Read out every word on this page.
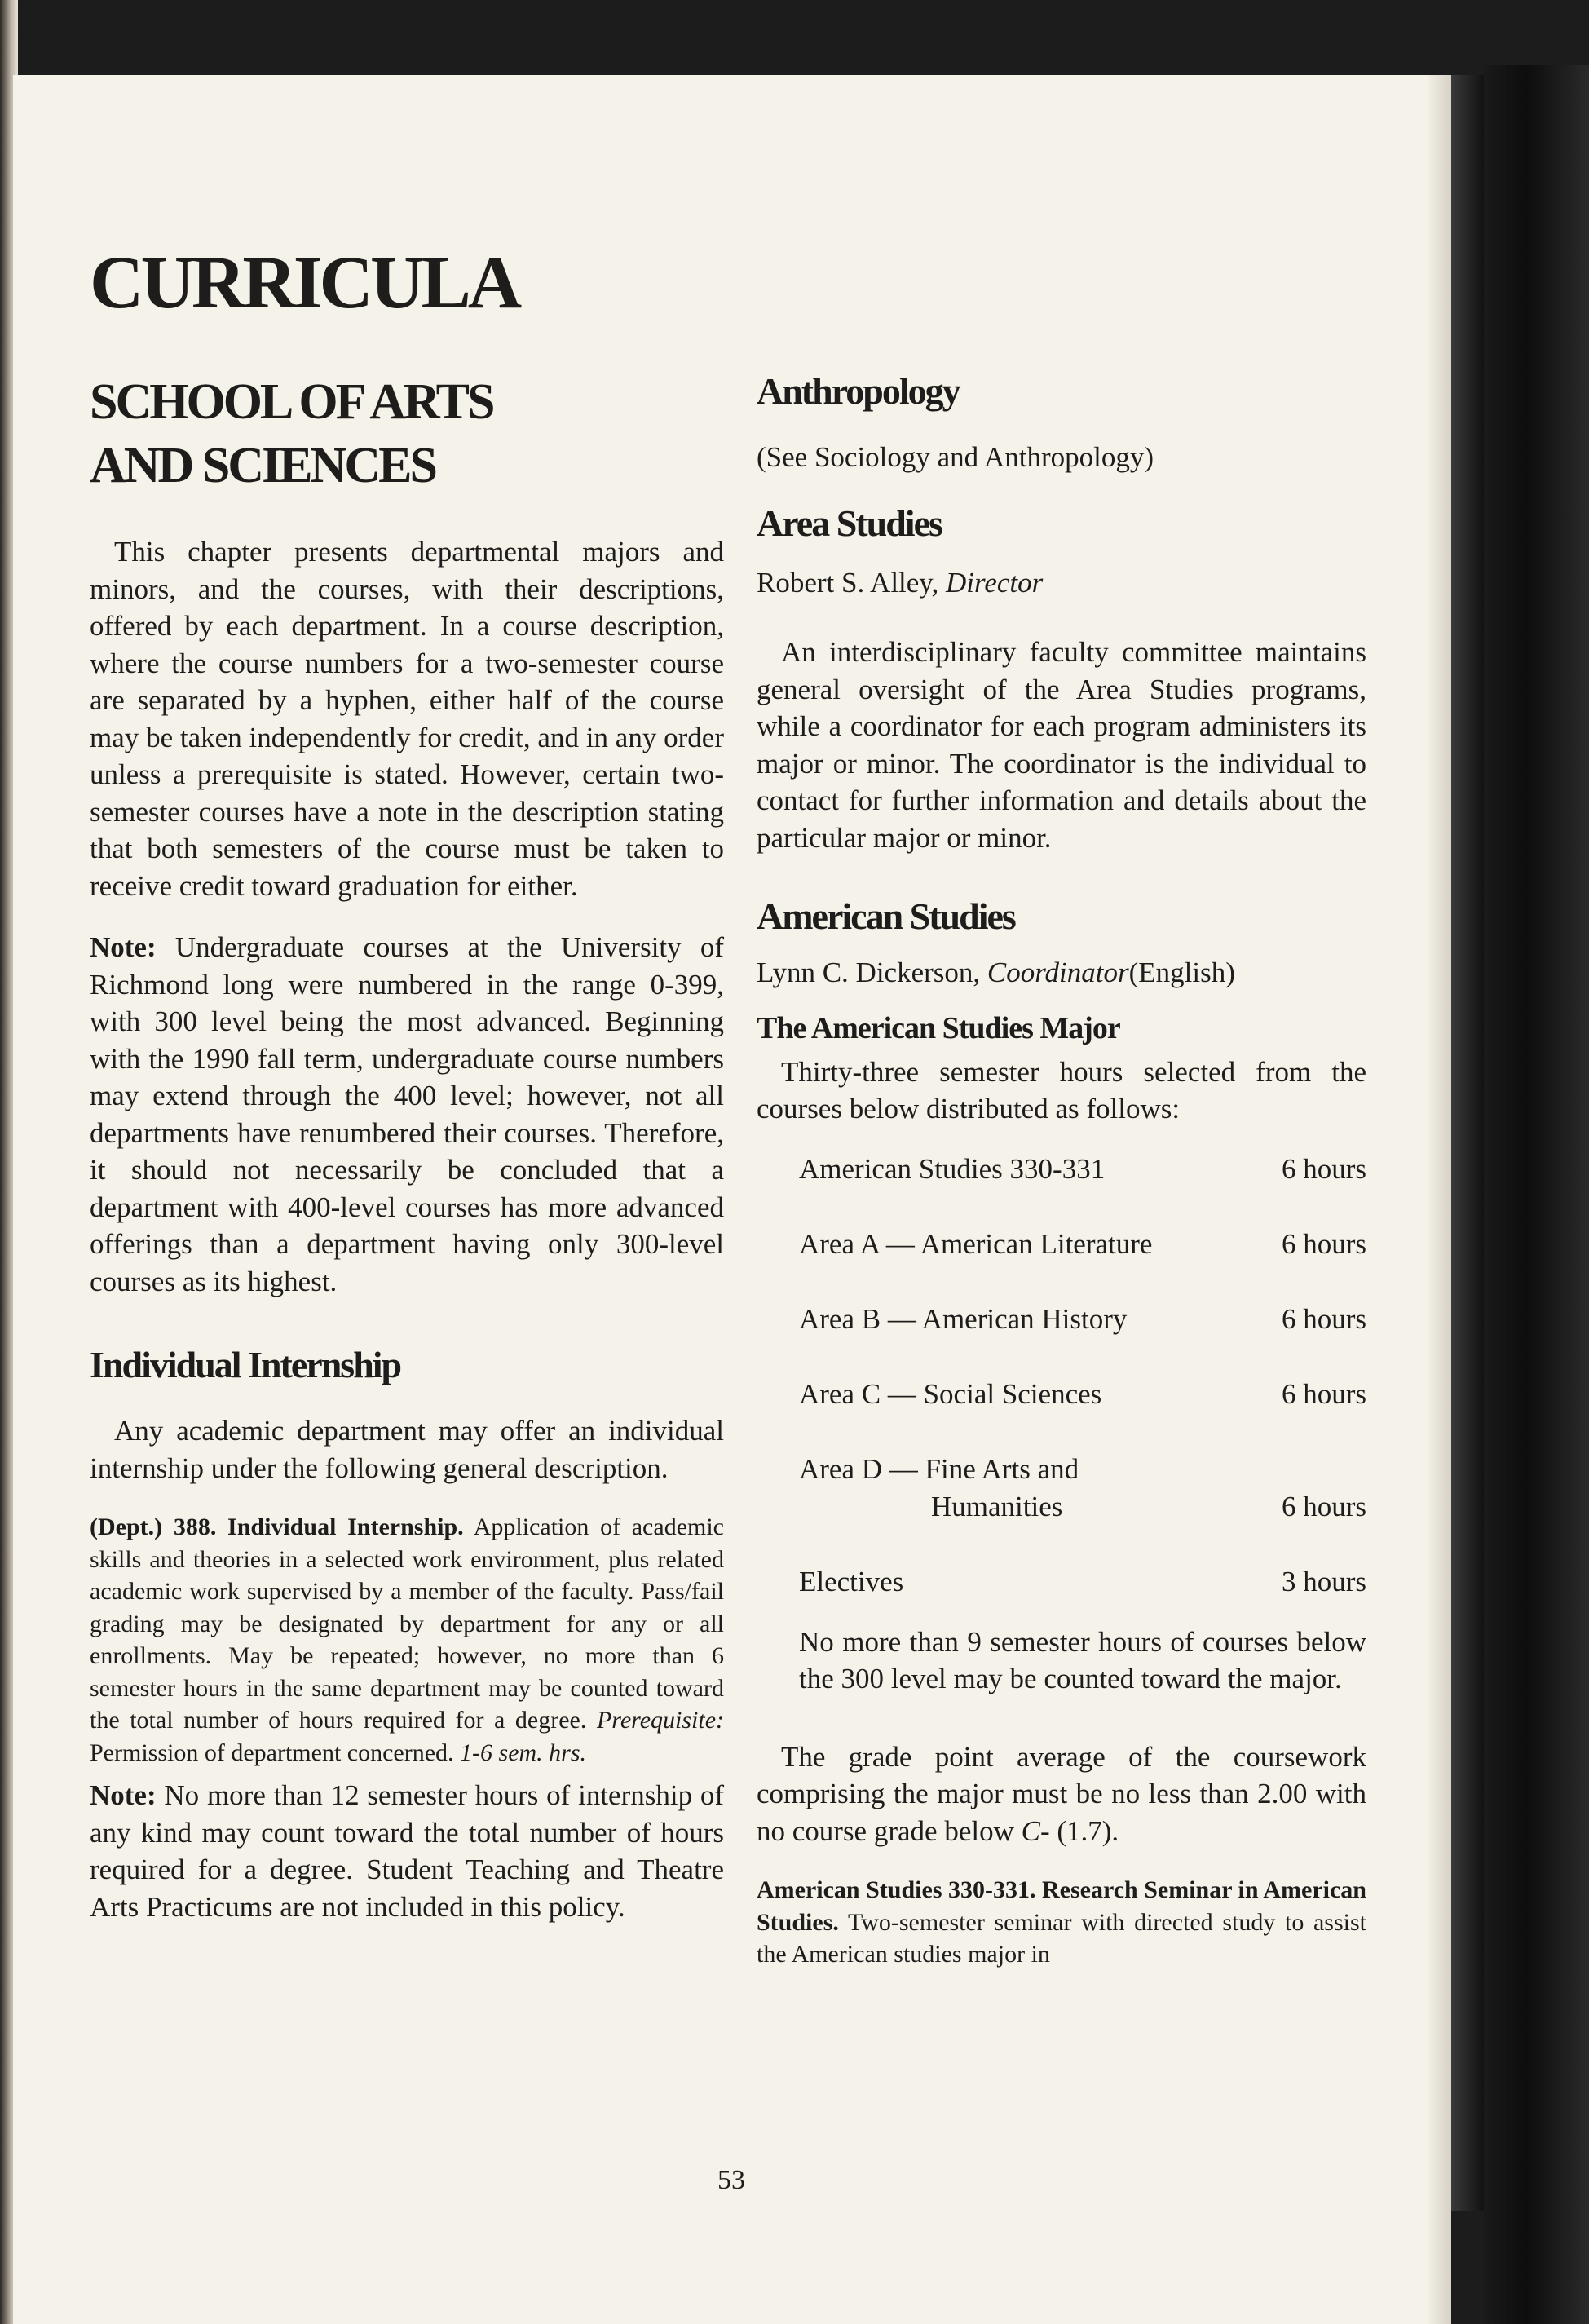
CURRICULA
SCHOOL OF ARTS
AND SCIENCES

This chapter presents departmental majors and minors, and the courses, with their descriptions, offered by each department. In a course description, where the course numbers for a two-semester course are separated by a hyphen, either half of the course may be taken independently for credit, and in any order unless a prerequisite is stated. However, certain two-semester courses have a note in the description stating that both semesters of the course must be taken to receive credit toward graduation for either.

Note: Undergraduate courses at the University of Richmond long were numbered in the range 0-399, with 300 level being the most advanced. Beginning with the 1990 fall term, undergraduate course numbers may extend through the 400 level; however, not all departments have renumbered their courses. Therefore, it should not necessarily be concluded that a department with 400-level courses has more advanced offerings than a department having only 300-level courses as its highest.

Individual Internship

Any academic department may offer an individual internship under the following general description.

(Dept.) 388. Individual Internship. Application of academic skills and theories in a selected work environment, plus related academic work supervised by a member of the faculty. Pass/fail grading may be designated by department for any or all enrollments. May be repeated; however, no more than 6 semester hours in the same department may be counted toward the total number of hours required for a degree. Prerequisite: Permission of department concerned. 1-6 sem. hrs.

Note: No more than 12 semester hours of internship of any kind may count toward the total number of hours required for a degree. Student Teaching and Theatre Arts Practicums are not included in this policy.

Anthropology

(See Sociology and Anthropology)

Area Studies

Robert S. Alley, Director

An interdisciplinary faculty committee maintains general oversight of the Area Studies programs, while a coordinator for each program administers its major or minor. The coordinator is the individual to contact for further information and details about the particular major or minor.

American Studies

Lynn C. Dickerson, Coordinator(English)

The American Studies Major

Thirty-three semester hours selected from the courses below distributed as follows:

American Studies 330-331	6 hours

Area A — American Literature	6 hours

Area B — American History	6 hours

Area C — Social Sciences	6 hours

Area D — Fine Arts and	
Humanities	6 hours

Electives	3 hours

No more than 9 semester hours of courses below the 300 level may be counted toward the major.

The grade point average of the coursework comprising the major must be no less than 2.00 with no course grade below C- (1.7).

American Studies 330-331. Research Seminar in American Studies. Two-semester seminar with directed study to assist the American studies major in

53
